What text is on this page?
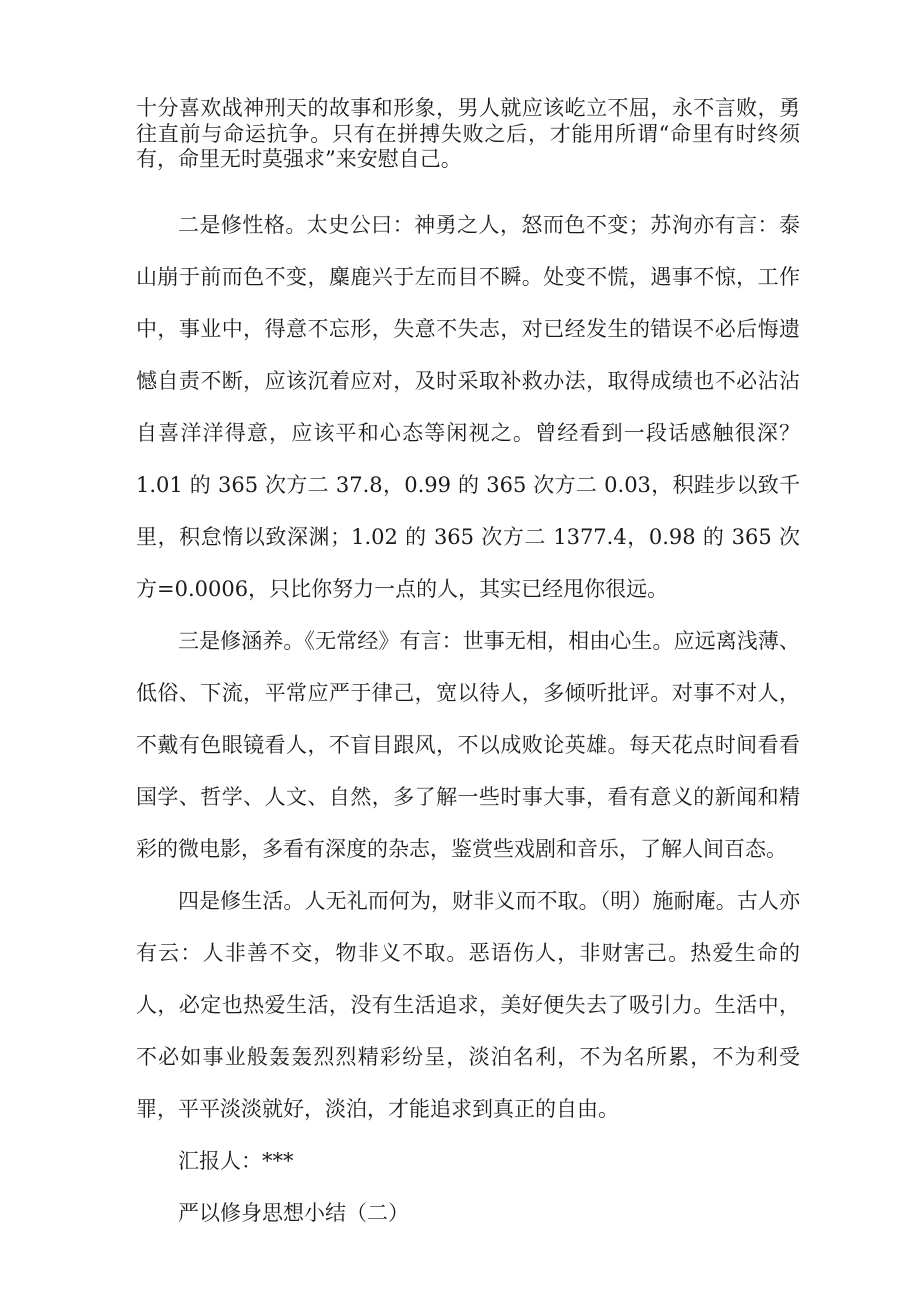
十分喜欢战神刑天的故事和形象，男人就应该屹立不屈，永不言败，勇往直前与命运抗争。只有在拼搏失败之后，才能用所谓“命里有时终须有，命里无时莫强求”来安慰自己。

二是修性格。太史公曰：神勇之人，怒而色不变；苏洵亦有言：泰山崩于前而色不变，麋鹿兴于左而目不瞬。处变不慌，遇事不惊，工作中，事业中，得意不忘形，失意不失志，对已经发生的错误不必后悔遗憾自责不断，应该沉着应对，及时采取补救办法，取得成绩也不必沾沾自喜洋洋得意，应该平和心态等闲视之。曾经看到一段话感触很深？1.01 的 365 次方二 37.8，0.99 的 365 次方二 0.03，积跬步以致千里，积怠惰以致深渊；1.02 的 365 次方二 1377.4，0.98 的 365 次方=0.0006，只比你努力一点的人，其实已经甩你很远。

三是修涵养。《无常经》有言：世事无相，相由心生。应远离浅薄、低俗、下流，平常应严于律己，宽以待人，多倾听批评。对事不对人，不戴有色眼镜看人，不盲目跟风，不以成败论英雄。每天花点时间看看国学、哲学、人文、自然，多了解一些时事大事，看有意义的新闻和精彩的微电影，多看有深度的杂志，鉴赏些戏剧和音乐，了解人间百态。

四是修生活。人无礼而何为，财非义而不取。（明）施耐庵。古人亦有云：人非善不交，物非义不取。恶语伤人，非财害己。热爱生命的人，必定也热爱生活，没有生活追求，美好便失去了吸引力。生活中，不必如事业般轰轰烈烈精彩纷呈，淡泊名利，不为名所累，不为利受罪，平平淡淡就好，淡泊，才能追求到真正的自由。

汇报人：***

严以修身思想小结（二）
